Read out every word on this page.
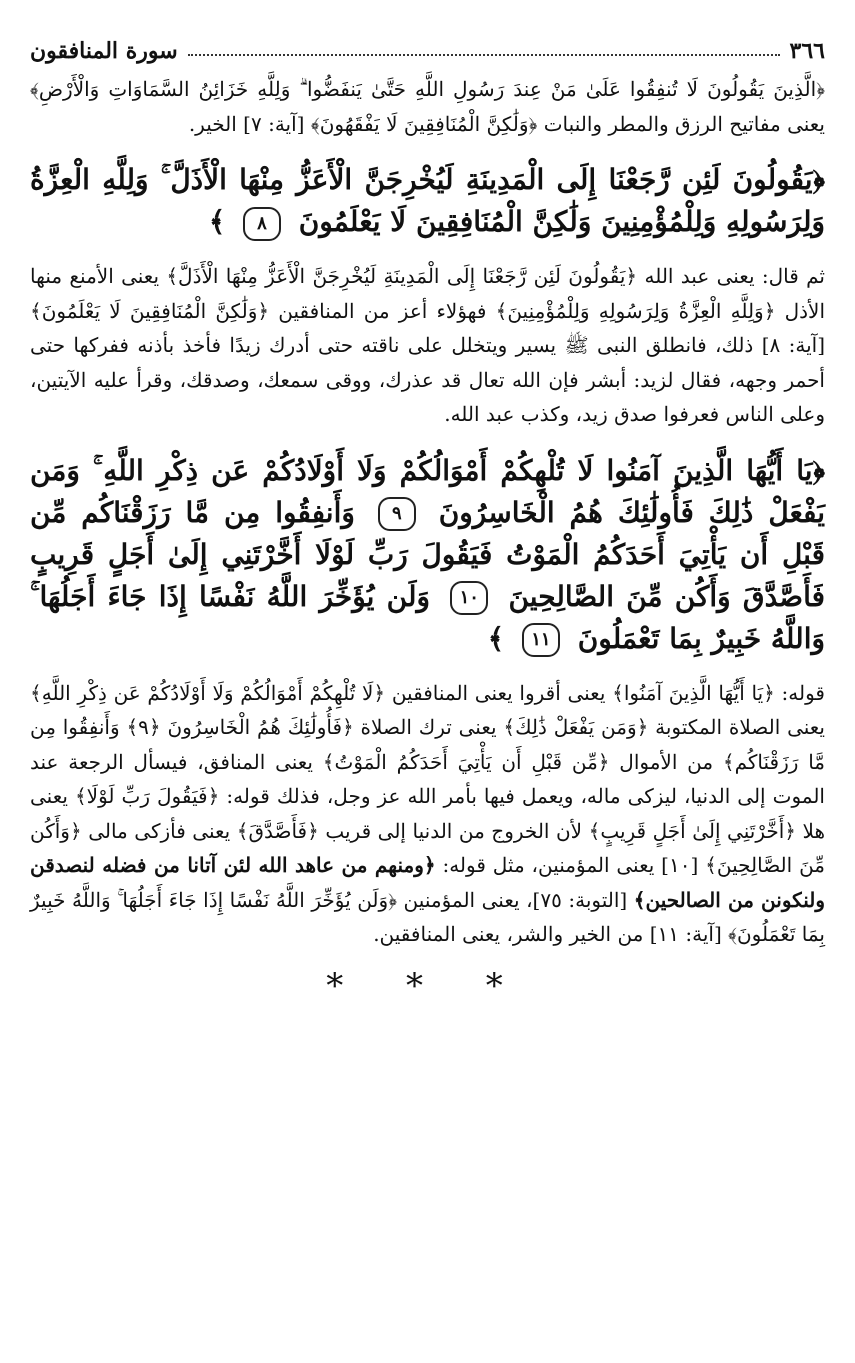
٣٦٦
سورة المنافقون
﴿الَّذِينَ يَقُولُونَ لَا تُنفِقُوا عَلَىٰ مَنْ عِندَ رَسُولِ اللَّهِ حَتَّىٰ يَنفَضُّوا ۗ وَلِلَّهِ خَزَائِنُ السَّمَاوَاتِ وَالْأَرْضِ﴾ يعنى مفاتيح الرزق والمطر والنبات ﴿وَلَٰكِنَّ الْمُنَافِقِينَ لَا يَفْقَهُونَ﴾ [آية: ٧] الخير.
﴿يَقُولُونَ لَئِن رَّجَعْنَا إِلَى الْمَدِينَةِ لَيُخْرِجَنَّ الْأَعَزُّ مِنْهَا الْأَذَلَّ ۚ وَلِلَّهِ الْعِزَّةُ وَلِرَسُولِهِ وَلِلْمُؤْمِنِينَ وَلَٰكِنَّ الْمُنَافِقِينَ لَا يَعْلَمُونَ ٨ ﴾
ثم قال: يعنى عبد الله ﴿يَقُولُونَ لَئِن رَّجَعْنَا إِلَى الْمَدِينَةِ لَيُخْرِجَنَّ الْأَعَزُّ مِنْهَا الْأَذَلَّ﴾ يعنى الأمنع منها الأذل ﴿وَلِلَّهِ الْعِزَّةُ وَلِرَسُولِهِ وَلِلْمُؤْمِنِينَ﴾ فهؤلاء أعز من المنافقين ﴿وَلَٰكِنَّ الْمُنَافِقِينَ لَا يَعْلَمُونَ﴾ [آية: ٨] ذلك، فانطلق النبى ﷺ يسير ويتخلل على ناقته حتى أدرك زيدًا فأخذ بأذنه ففركها حتى أحمر وجهه، فقال لزيد: أبشر فإن الله تعال قد عذرك، ووقى سمعك، وصدقك، وقرأ عليه الآيتين، وعلى الناس فعرفوا صدق زيد، وكذب عبد الله.
﴿يَا أَيُّهَا الَّذِينَ آمَنُوا لَا تُلْهِكُمْ أَمْوَالُكُمْ وَلَا أَوْلَادُكُمْ عَن ذِكْرِ اللَّهِ ۚ وَمَن يَفْعَلْ ذَٰلِكَ فَأُولَٰئِكَ هُمُ الْخَاسِرُونَ ٩ وَأَنفِقُوا مِن مَّا رَزَقْنَاكُم مِّن قَبْلِ أَن يَأْتِيَ أَحَدَكُمُ الْمَوْتُ فَيَقُولَ رَبِّ لَوْلَا أَخَّرْتَنِي إِلَىٰ أَجَلٍ قَرِيبٍ فَأَصَّدَّقَ وَأَكُن مِّنَ الصَّالِحِينَ ١٠ وَلَن يُؤَخِّرَ اللَّهُ نَفْسًا إِذَا جَاءَ أَجَلُهَا ۚ وَاللَّهُ خَبِيرٌ بِمَا تَعْمَلُونَ ١١ ﴾
قوله: ﴿يَا أَيُّهَا الَّذِينَ آمَنُوا﴾ يعنى أقروا يعنى المنافقين ﴿لَا تُلْهِكُمْ أَمْوَالُكُمْ وَلَا أَوْلَادُكُمْ عَن ذِكْرِ اللَّهِ﴾ يعنى الصلاة المكتوبة ﴿وَمَن يَفْعَلْ ذَٰلِكَ﴾ يعنى ترك الصلاة ﴿فَأُولَٰئِكَ هُمُ الْخَاسِرُونَ ﴿٩﴾ وَأَنفِقُوا مِن مَّا رَزَقْنَاكُم﴾ من الأموال ﴿مِّن قَبْلِ أَن يَأْتِيَ أَحَدَكُمُ الْمَوْتُ﴾ يعنى المنافق، فيسأل الرجعة عند الموت إلى الدنيا، ليزكى ماله، ويعمل فيها بأمر الله عز وجل، فذلك قوله: ﴿فَيَقُولَ رَبِّ لَوْلَا﴾ يعنى هلا ﴿أَخَّرْتَنِي إِلَىٰ أَجَلٍ قَرِيبٍ﴾ لأن الخروج من الدنيا إلى قريب ﴿فَأَصَّدَّقَ﴾ يعنى فأزكى مالى ﴿وَأَكُن مِّنَ الصَّالِحِينَ﴾ [١٠] يعنى المؤمنين، مثل قوله: ﴿ومنهم من عاهد الله لئن آتانا من فضله لنصدقن ولنكونن من الصالحين﴾ [التوبة: ٧٥]، يعنى المؤمنين ﴿وَلَن يُؤَخِّرَ اللَّهُ نَفْسًا إِذَا جَاءَ أَجَلُهَا ۚ وَاللَّهُ خَبِيرٌ بِمَا تَعْمَلُونَ﴾ [آية: ١١] من الخير والشر، يعنى المنافقين.
* * *
